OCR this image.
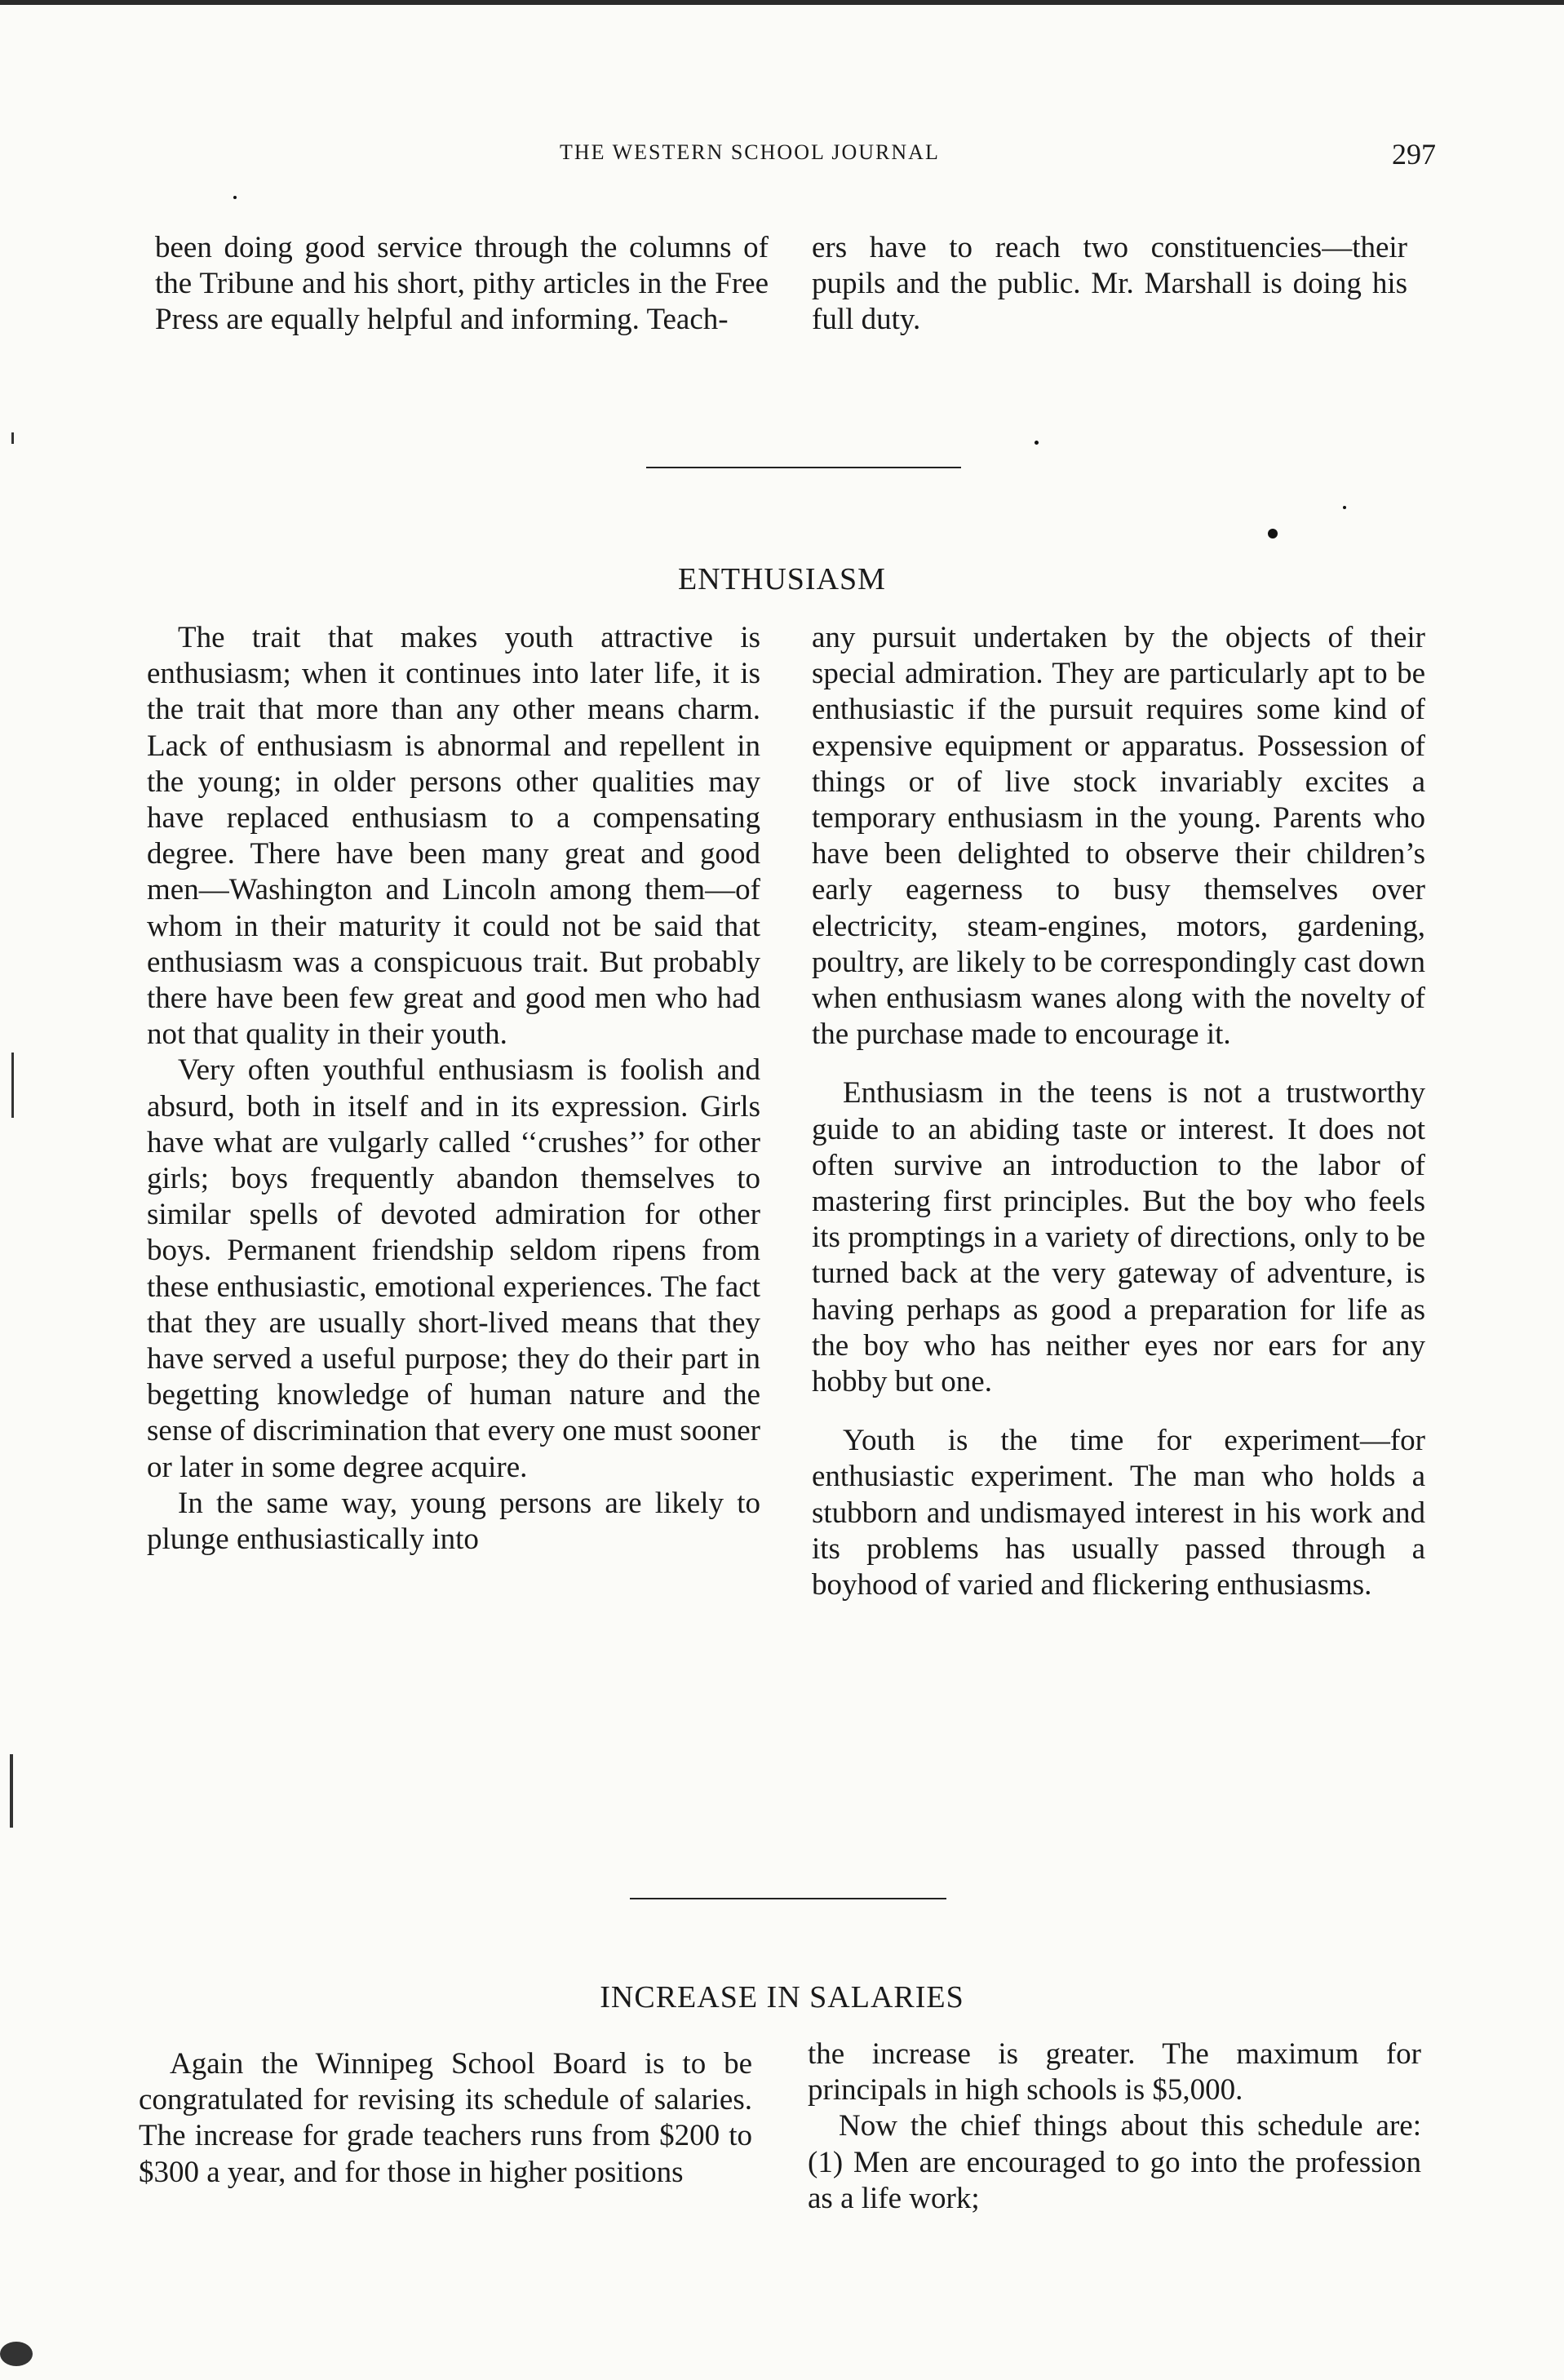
THE WESTERN SCHOOL JOURNAL	297

been doing good service through the columns of the Tribune and his short, pithy articles in the Free Press are equally helpful and informing. Teach-

ers have to reach two constituencies—their pupils and the public. Mr. Marshall is doing his full duty.

ENTHUSIASM

The trait that makes youth attractive is enthusiasm; when it continues into later life, it is the trait that more than any other means charm. Lack of enthusiasm is abnormal and repellent in the young; in older persons other qualities may have replaced enthusiasm to a compensating degree. There have been many great and good men—Washington and Lincoln among them—of whom in their maturity it could not be said that enthusiasm was a conspicuous trait. But probably there have been few great and good men who had not that quality in their youth.

Very often youthful enthusiasm is foolish and absurd, both in itself and in its expression. Girls have what are vulgarly called ‘‘crushes’’ for other girls; boys frequently abandon themselves to similar spells of devoted admiration for other boys. Permanent friendship seldom ripens from these enthusiastic, emotional experiences. The fact that they are usually short-lived means that they have served a useful purpose; they do their part in begetting knowledge of human nature and the sense of discrimination that every one must sooner or later in some degree acquire.

In the same way, young persons are likely to plunge enthusiastically into

any pursuit undertaken by the objects of their special admiration. They are particularly apt to be enthusiastic if the pursuit requires some kind of expensive equipment or apparatus. Possession of things or of live stock invariably excites a temporary enthusiasm in the young. Parents who have been delighted to observe their children’s early eagerness to busy themselves over electricity, steam-engines, motors, gardening, poultry, are likely to be correspondingly cast down when enthusiasm wanes along with the novelty of the purchase made to encourage it.

Enthusiasm in the teens is not a trustworthy guide to an abiding taste or interest. It does not often survive an introduction to the labor of mastering first principles. But the boy who feels its promptings in a variety of directions, only to be turned back at the very gateway of adventure, is having perhaps as good a preparation for life as the boy who has neither eyes nor ears for any hobby but one.

Youth is the time for experiment—for enthusiastic experiment. The man who holds a stubborn and undismayed interest in his work and its problems has usually passed through a boyhood of varied and flickering enthusiasms.

INCREASE IN SALARIES

Again the Winnipeg School Board is to be congratulated for revising its schedule of salaries. The increase for grade teachers runs from $200 to $300 a year, and for those in higher positions

the increase is greater. The maximum for principals in high schools is $5,000.

Now the chief things about this schedule are: (1) Men are encouraged to go into the profession as a life work;
